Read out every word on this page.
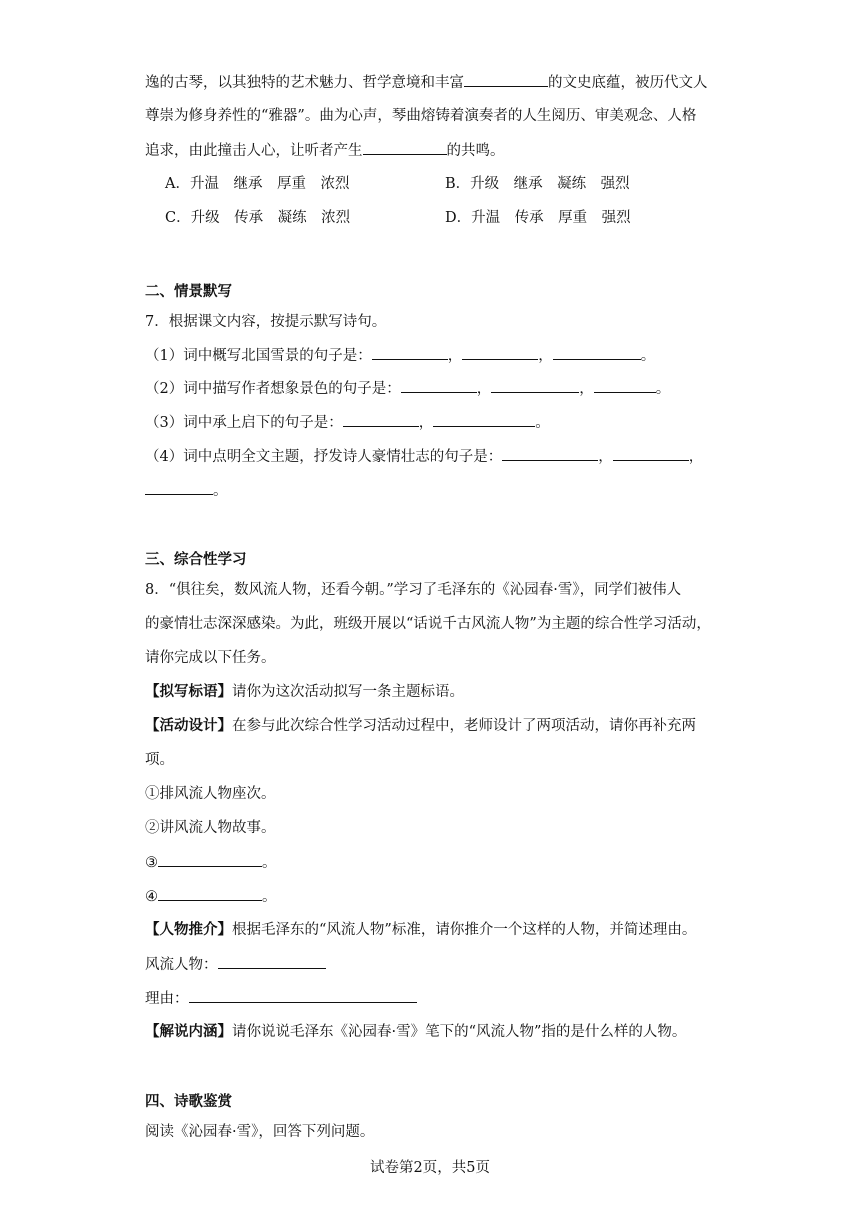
逸的古琴，以其独特的艺术魅力、哲学意境和丰富	的文史底蕴，被历代文人
尊崇为修身养性的“雅器”。曲为心声，琴曲熔铸着演奏者的人生阅历、审美观念、人格
追求，由此撞击人心，让听者产生	的共鸣。
A．升温　继承　厚重　浓烈	B．升级　继承　凝练　强烈
C．升级　传承　凝练　浓烈	D．升温　传承　厚重　强烈
二、情景默写
7．根据课文内容，按提示默写诗句。
（1）词中概写北国雪景的句子是：	，	，	。
（2）词中描写作者想象景色的句子是：	，	，	。
（3）词中承上启下的句子是：	，	。
（4）词中点明全文主题，抒发诗人豪情壮志的句子是：	，	，
。
三、综合性学习
8．“俱往矣，数风流人物，还看今朝。”学习了毛泽东的《沁园春·雪》，同学们被伟人
的豪情壮志深深感染。为此，班级开展以“话说千古风流人物”为主题的综合性学习活动，
请你完成以下任务。
【拟写标语】请你为这次活动拟写一条主题标语。
【活动设计】在参与此次综合性学习活动过程中，老师设计了两项活动，请你再补充两
项。
①排风流人物座次。
②讲风流人物故事。
③	。
④	。
【人物推介】根据毛泽东的“风流人物”标准，请你推介一个这样的人物，并简述理由。
风流人物：
理由：
【解说内涵】请你说说毛泽东《沁园春·雪》笔下的“风流人物”指的是什么样的人物。
四、诗歌鉴赏
阅读《沁园春·雪》，回答下列问题。
试卷第2页，共5页
